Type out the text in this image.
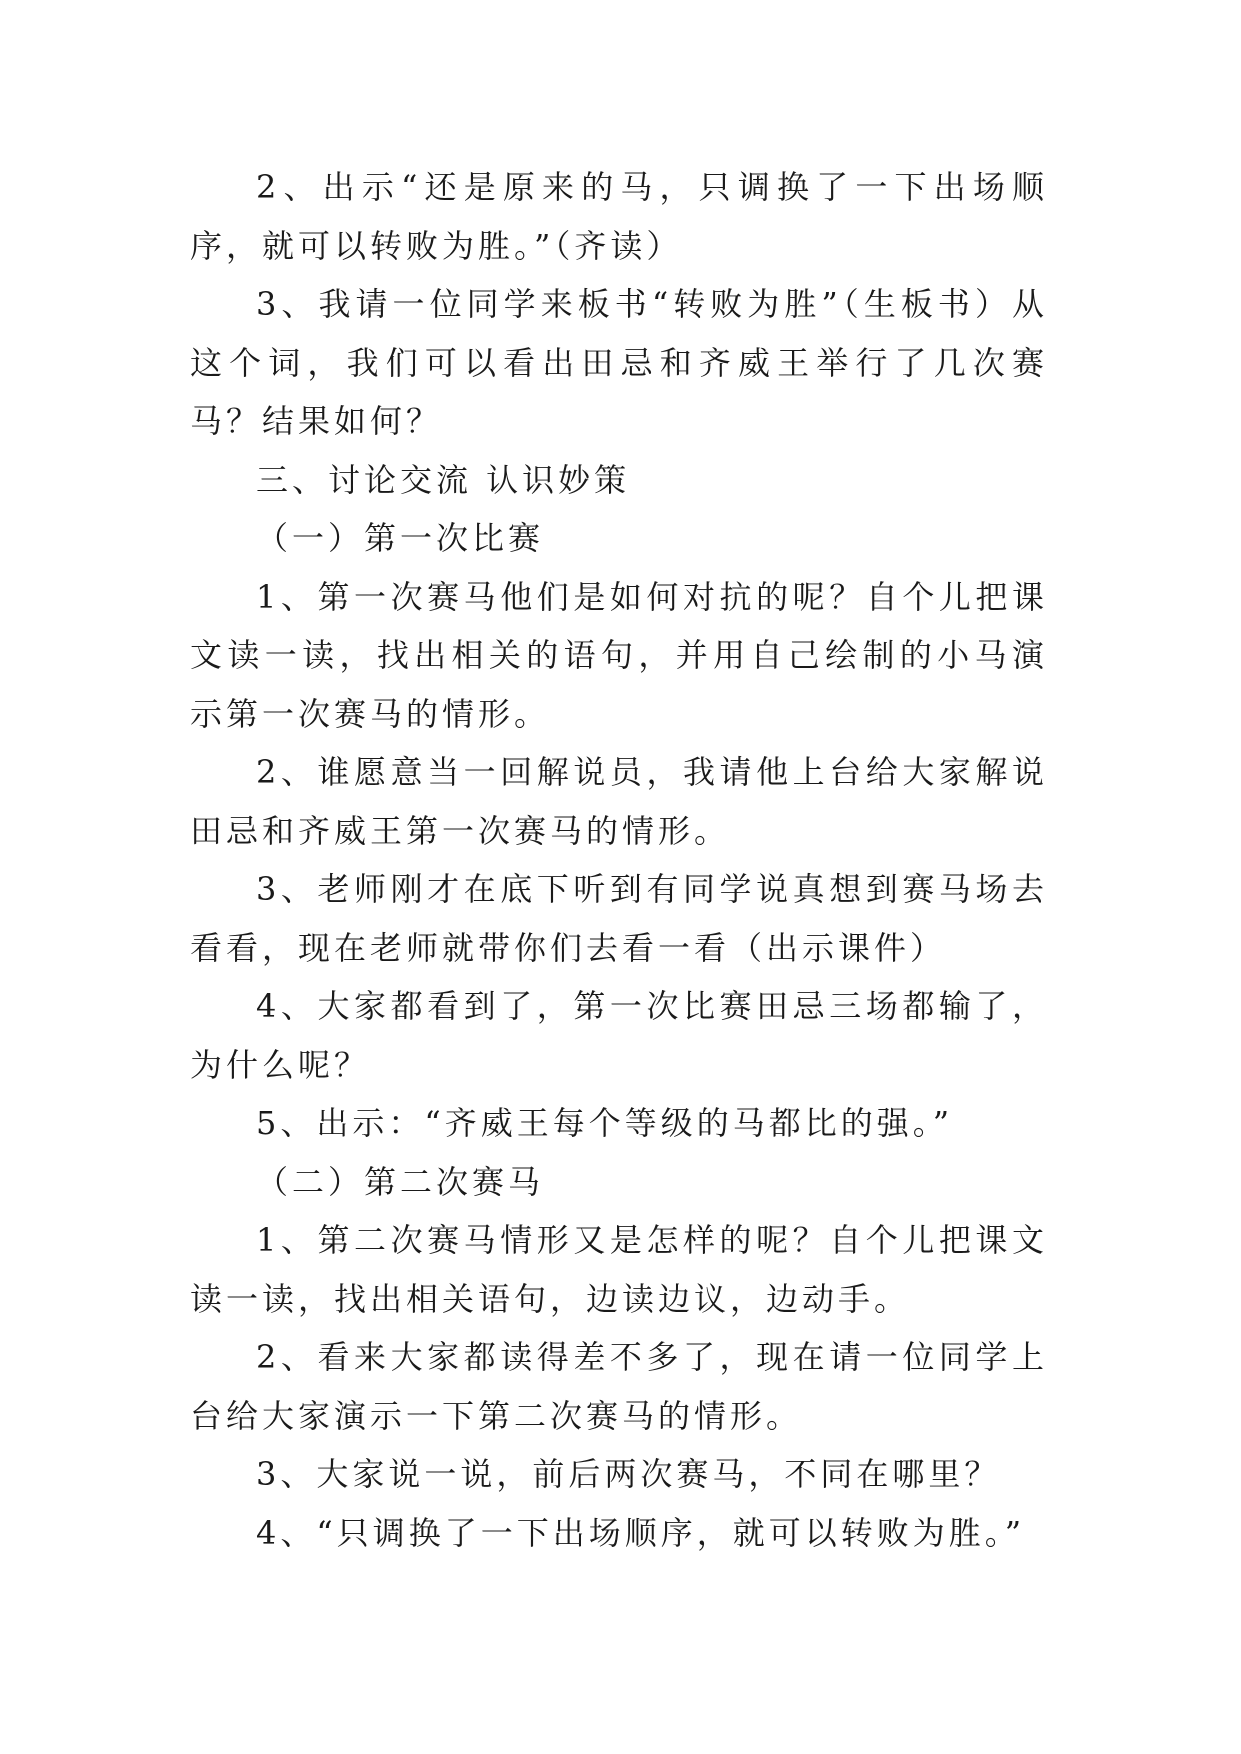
2、出示“还是原来的马，只调换了一下出场顺序，就可以转败为胜。”（齐读）

3、我请一位同学来板书“转败为胜”（生板书）从这个词，我们可以看出田忌和齐威王举行了几次赛马？结果如何？

三、讨论交流 认识妙策

（一）第一次比赛

1、第一次赛马他们是如何对抗的呢？自个儿把课文读一读，找出相关的语句，并用自己绘制的小马演示第一次赛马的情形。

2、谁愿意当一回解说员，我请他上台给大家解说田忌和齐威王第一次赛马的情形。

3、老师刚才在底下听到有同学说真想到赛马场去看看，现在老师就带你们去看一看（出示课件）

4、大家都看到了，第一次比赛田忌三场都输了，为什么呢？

5、出示：“齐威王每个等级的马都比的强。”

（二）第二次赛马

1、第二次赛马情形又是怎样的呢？自个儿把课文读一读，找出相关语句，边读边议，边动手。

2、看来大家都读得差不多了，现在请一位同学上台给大家演示一下第二次赛马的情形。

3、大家说一说，前后两次赛马，不同在哪里？

4、“只调换了一下出场顺序，就可以转败为胜。”
